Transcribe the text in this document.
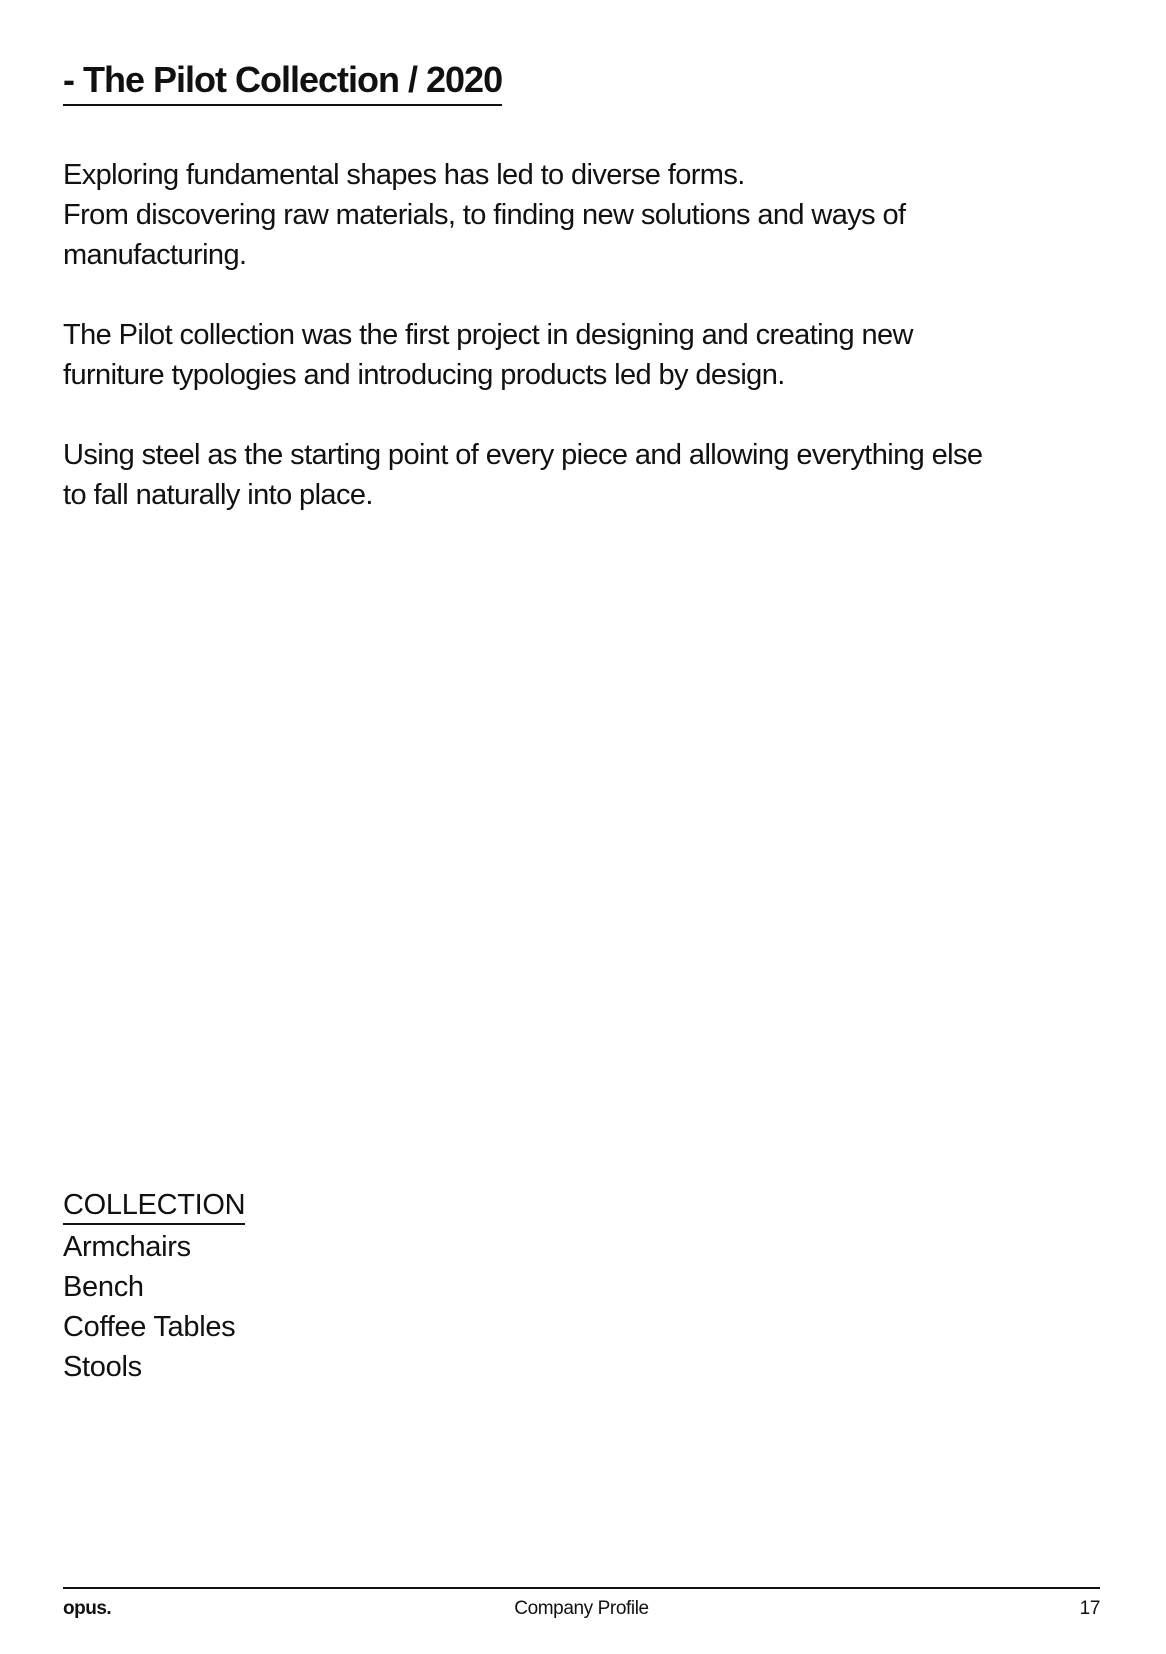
- The Pilot Collection / 2020

Exploring fundamental shapes has led to diverse forms.
From discovering raw materials, to finding new solutions and ways of
manufacturing.

The Pilot collection was the first project in designing and creating new
furniture typologies and introducing products led by design.

Using steel as the starting point of every piece and allowing everything else
to fall naturally into place.

COLLECTION
Armchairs
Bench
Coffee Tables
Stools
opus.	Company Profile	17
